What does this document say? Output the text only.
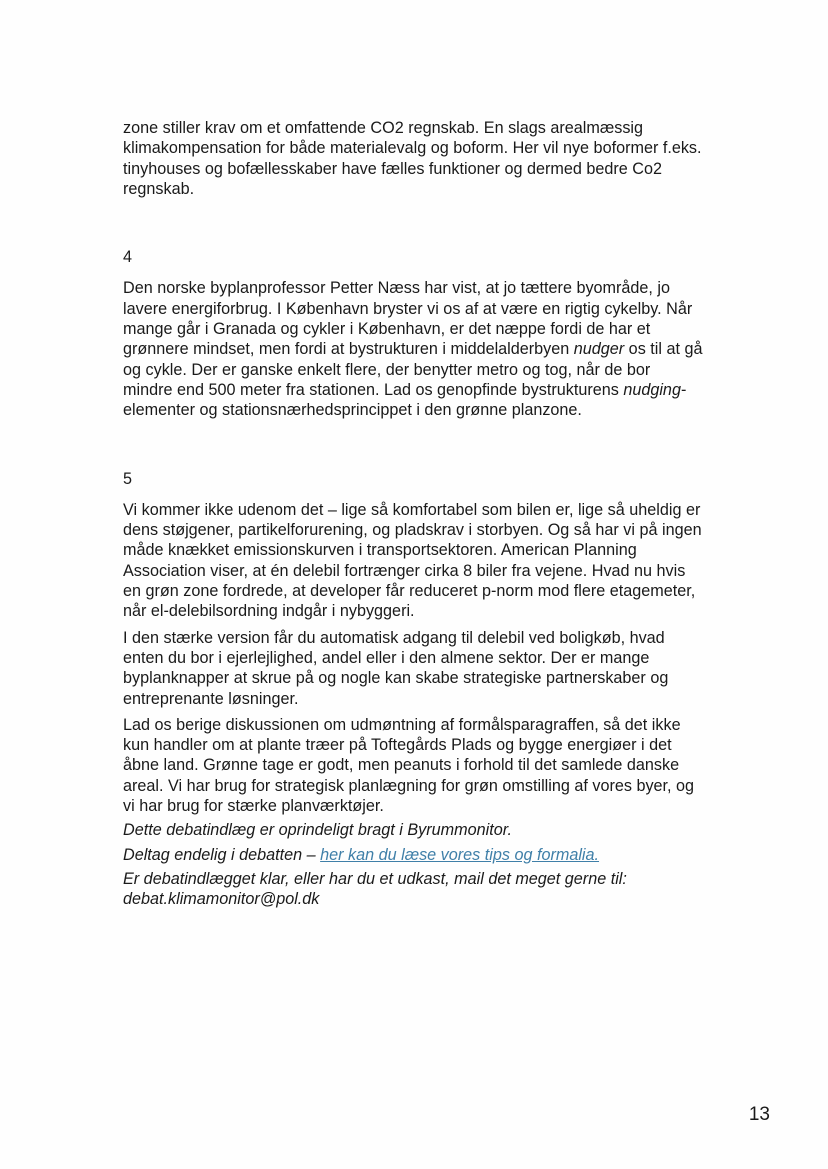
zone stiller krav om et omfattende CO2 regnskab. En slags arealmæssig klimakompensation for både materialevalg og boform. Her vil nye boformer f.eks. tinyhouses og bofællesskaber have fælles funktioner og dermed bedre Co2 regnskab.

4

Den norske byplanprofessor Petter Næss har vist, at jo tættere byområde, jo lavere energiforbrug. I København bryster vi os af at være en rigtig cykelby. Når mange går i Granada og cykler i København, er det næppe fordi de har et grønnere mindset, men fordi at bystrukturen i middelalderbyen nudger os til at gå og cykle. Der er ganske enkelt flere, der benytter metro og tog, når de bor mindre end 500 meter fra stationen. Lad os genopfinde bystrukturens nudging-elementer og stationsnærhedsprincippet i den grønne planzone.

5

Vi kommer ikke udenom det – lige så komfortabel som bilen er, lige så uheldig er dens støjgener, partikelforurening, og pladskrav i storbyen. Og så har vi på ingen måde knækket emissionskurven i transportsektoren. American Planning Association viser, at én delebil fortrænger cirka 8 biler fra vejene. Hvad nu hvis en grøn zone fordrede, at developer får reduceret p-norm mod flere etagemeter, når el-delebilsordning indgår i nybyggeri.

I den stærke version får du automatisk adgang til delebil ved boligkøb, hvad enten du bor i ejerlejlighed, andel eller i den almene sektor. Der er mange byplanknapper at skrue på og nogle kan skabe strategiske partnerskaber og entreprenante løsninger.

Lad os berige diskussionen om udmøntning af formålsparagraffen, så det ikke kun handler om at plante træer på Toftegårds Plads og bygge energiøer i det åbne land. Grønne tage er godt, men peanuts i forhold til det samlede danske areal. Vi har brug for strategisk planlægning for grøn omstilling af vores byer, og vi har brug for stærke planværktøjer.

Dette debatindlæg er oprindeligt bragt i Byrummonitor.

Deltag endelig i debatten – her kan du læse vores tips og formalia.

Er debatindlægget klar, eller har du et udkast, mail det meget gerne til: debat.klimamonitor@pol.dk

13
